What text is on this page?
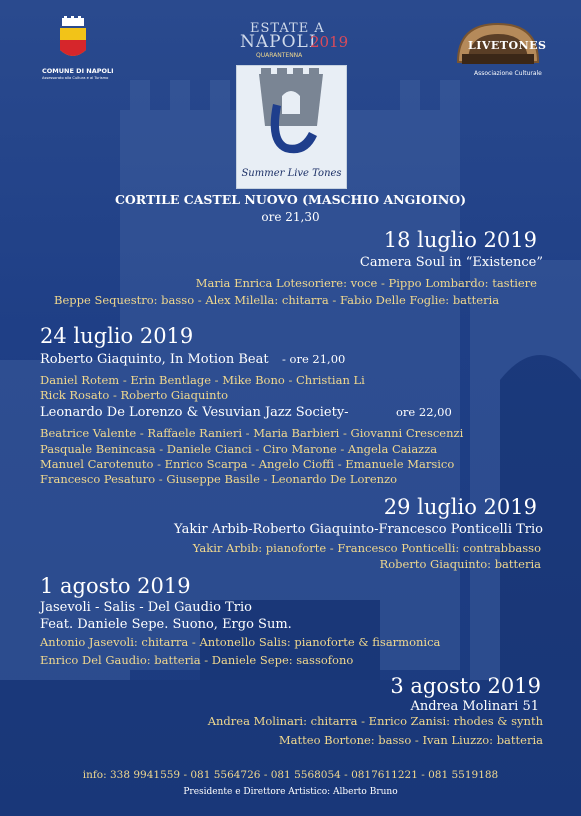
COMUNE DI NAPOLI
Assessorato alla Cultura e al Turismo
ESTATE A
NAPOLI
2019
QUARANTENNA
LIVETONES
Associazione Culturale
Summer Live Tones
CORTILE CASTEL NUOVO (MASCHIO ANGIOINO)
ore 21,30
18 luglio 2019
Camera Soul in “Existence”
Maria Enrica Lotesoriere: voce - Pippo Lombardo: tastiere
Beppe Sequestro: basso - Alex Milella: chitarra - Fabio Delle Foglie: batteria
24 luglio 2019
Roberto Giaquinto, In Motion Beat - ore 21,00
Daniel Rotem - Erin Bentlage - Mike Bono - Christian Li
Rick Rosato - Roberto Giaquinto
Leonardo De Lorenzo & Vesuvian Jazz Society-	ore 22,00
Beatrice Valente - Raffaele Ranieri - Maria Barbieri - Giovanni Crescenzi
Pasquale Benincasa - Daniele Cianci - Ciro Marone - Angela Caiazza
Manuel Carotenuto - Enrico Scarpa - Angelo Cioffi - Emanuele Marsico
Francesco Pesaturo - Giuseppe Basile - Leonardo De Lorenzo
29 luglio 2019
Yakir Arbib-Roberto Giaquinto-Francesco Ponticelli Trio
Yakir Arbib: pianoforte - Francesco Ponticelli: contrabbasso
Roberto Giaquinto: batteria
1 agosto 2019
Jasevoli - Salis - Del Gaudio Trio
Feat. Daniele Sepe. Suono, Ergo Sum.
Antonio Jasevoli: chitarra - Antonello Salis: pianoforte & fisarmonica
Enrico Del Gaudio: batteria - Daniele Sepe: sassofono
3 agosto 2019
Andrea Molinari 51
Andrea Molinari: chitarra - Enrico Zanisi: rhodes & synth
Matteo Bortone: basso - Ivan Liuzzo: batteria
info: 338 9941559 - 081 5564726 - 081 5568054 - 0817611221 - 081 5519188
Presidente e Direttore Artistico: Alberto Bruno
